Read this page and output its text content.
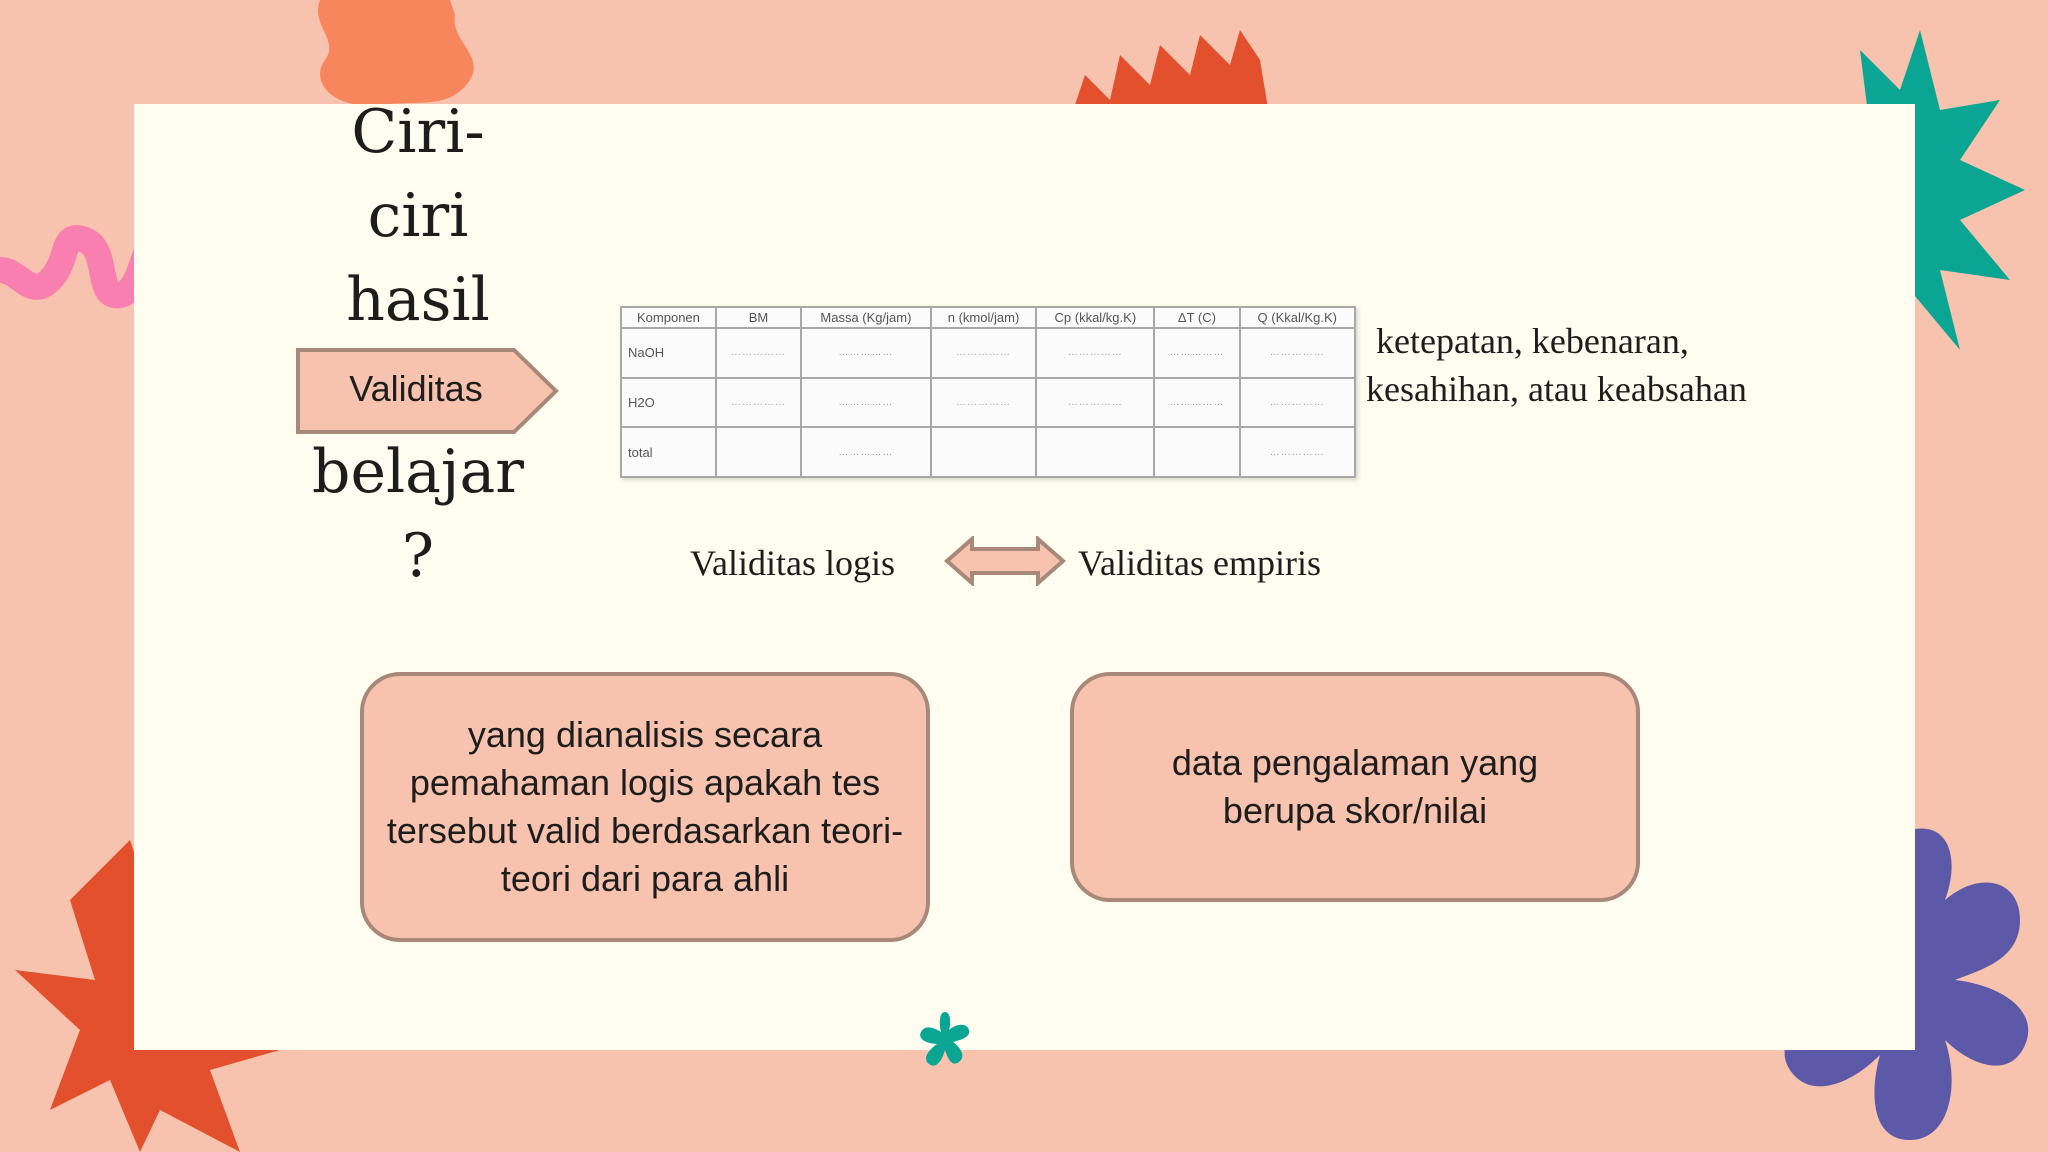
Ciri-
ciri
hasil
belajar
?
Validitas
Komponen	BM	Massa (Kg/jam)	n (kmol/jam)	Cp (kkal/kg.K)	ΔT (C)	Q (Kkal/Kg.K)
NaOH	……………	……………	……………	……………	……………	……………
H2O	……………	……………	……………	……………	……………	……………
total		……………				……………
ketepatan, kebenaran,
kesahihan, atau keabsahan
Validitas logis	Validitas empiris
yang dianalisis secara pemahaman logis apakah tes tersebut valid berdasarkan teori-teori dari para ahli
data pengalaman yang berupa skor/nilai
